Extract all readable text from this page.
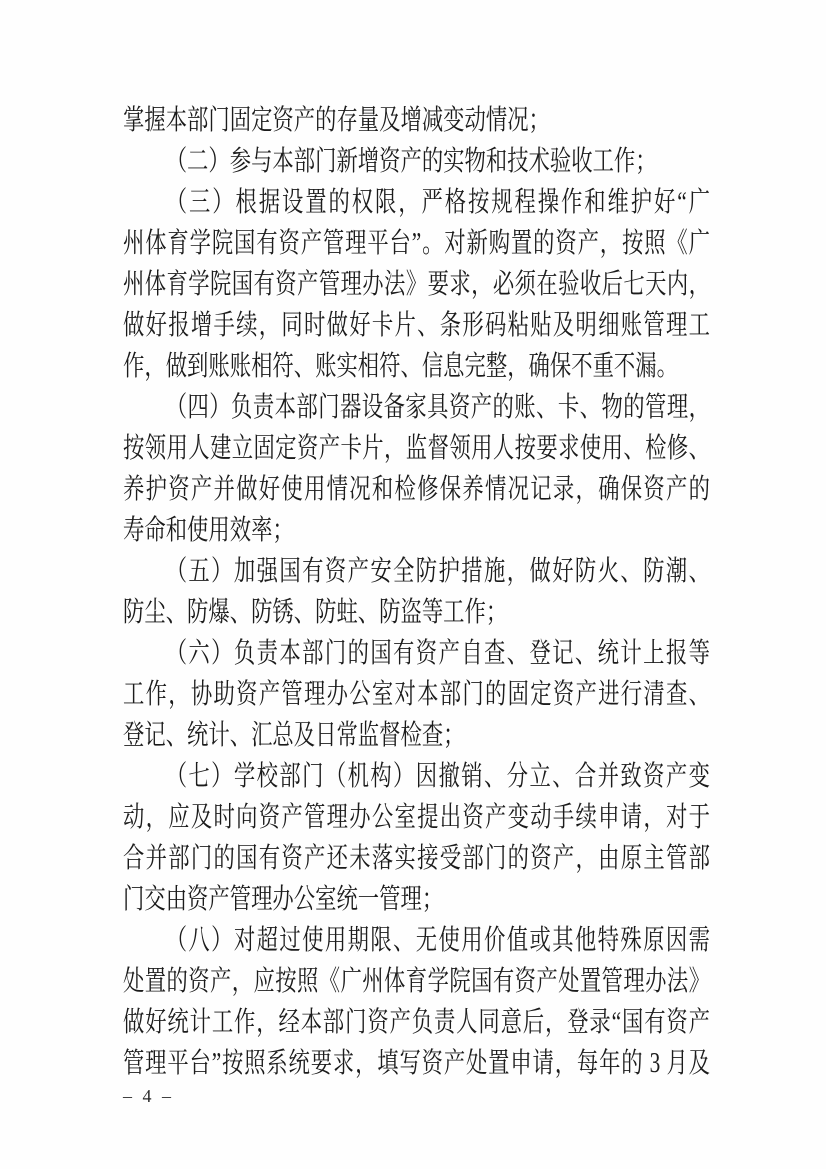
掌握本部门固定资产的存量及增减变动情况；
（二）参与本部门新增资产的实物和技术验收工作；
（三）根据设置的权限，严格按规程操作和维护好“广
州体育学院国有资产管理平台”。对新购置的资产，按照《广
州体育学院国有资产管理办法》要求，必须在验收后七天内，
做好报增手续，同时做好卡片、条形码粘贴及明细账管理工
作，做到账账相符、账实相符、信息完整，确保不重不漏。
（四）负责本部门器设备家具资产的账、卡、物的管理，
按领用人建立固定资产卡片，监督领用人按要求使用、检修、
养护资产并做好使用情况和检修保养情况记录，确保资产的
寿命和使用效率；
（五）加强国有资产安全防护措施，做好防火、防潮、
防尘、防爆、防锈、防蛀、防盗等工作；
（六）负责本部门的国有资产自查、登记、统计上报等
工作，协助资产管理办公室对本部门的固定资产进行清查、
登记、统计、汇总及日常监督检查；
（七）学校部门（机构）因撤销、分立、合并致资产变
动，应及时向资产管理办公室提出资产变动手续申请，对于
合并部门的国有资产还未落实接受部门的资产，由原主管部
门交由资产管理办公室统一管理；
（八）对超过使用期限、无使用价值或其他特殊原因需
处置的资产，应按照《广州体育学院国有资产处置管理办法》
做好统计工作，经本部门资产负责人同意后，登录“国有资产
管理平台”按照系统要求，填写资产处置申请，每年的 3 月及
– 4 –
